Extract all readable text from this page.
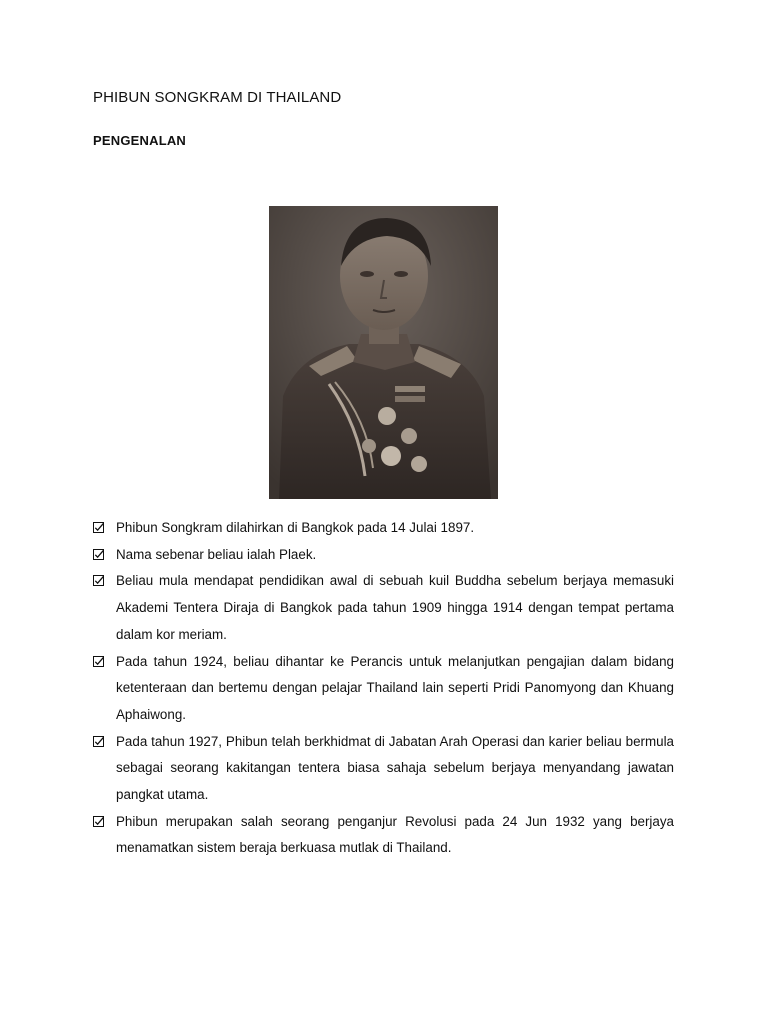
PHIBUN SONGKRAM DI THAILAND
PENGENALAN
Phibun Songkram dilahirkan di Bangkok pada 14 Julai 1897.
Nama sebenar beliau ialah Plaek.
Beliau mula mendapat pendidikan awal di sebuah kuil Buddha sebelum berjaya memasuki Akademi Tentera Diraja di Bangkok pada tahun 1909 hingga 1914 dengan tempat pertama dalam kor meriam.
Pada tahun 1924, beliau dihantar ke Perancis untuk melanjutkan pengajian dalam bidang ketenteraan dan bertemu dengan pelajar Thailand lain seperti Pridi Panomyong dan Khuang Aphaiwong.
Pada tahun 1927, Phibun telah berkhidmat di Jabatan Arah Operasi dan karier beliau bermula sebagai seorang kakitangan tentera biasa sahaja sebelum berjaya menyandang jawatan pangkat utama.
Phibun merupakan salah seorang penganjur Revolusi pada 24 Jun 1932 yang berjaya menamatkan sistem beraja berkuasa mutlak di Thailand.
